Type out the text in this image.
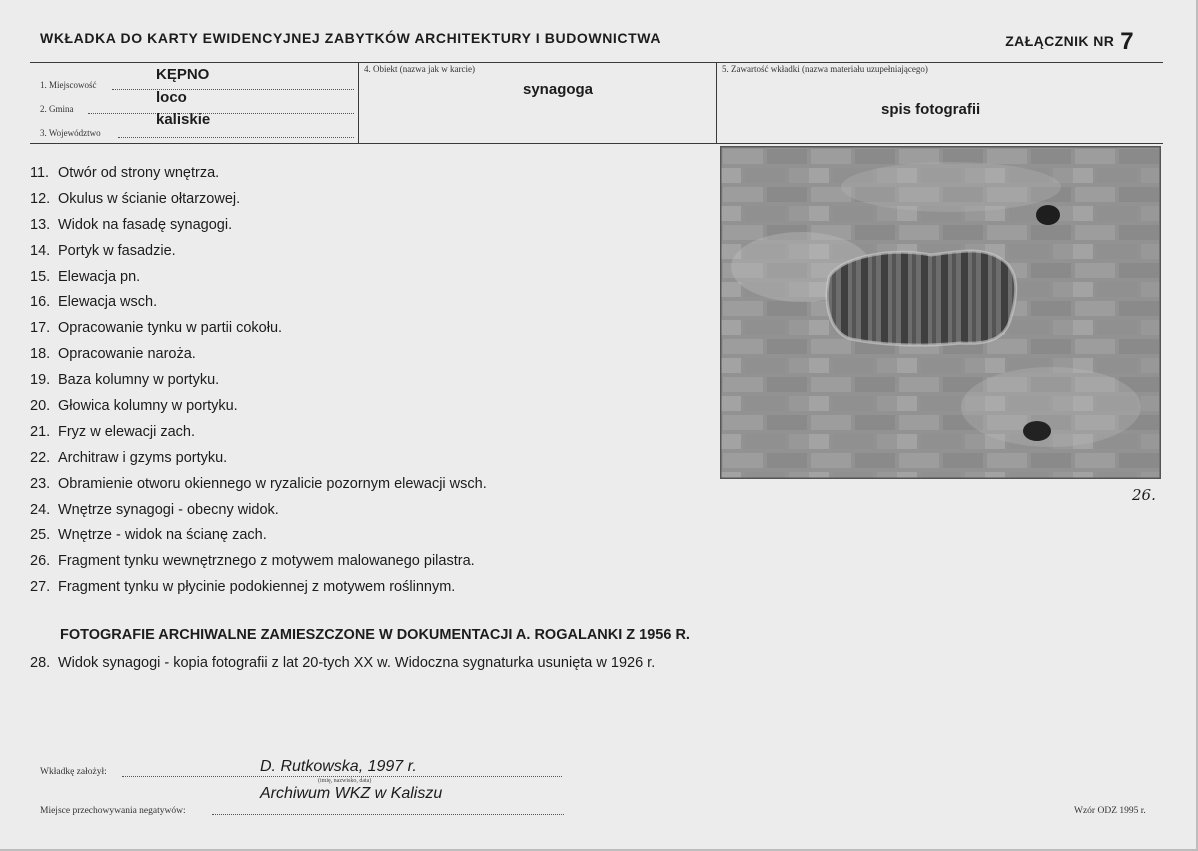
WKŁADKA DO KARTY EWIDENCYJNEJ ZABYTKÓW ARCHITEKTURY I BUDOWNICTWA	ZAŁĄCZNIK NR 7
1. Miejscowość
KĘPNO
2. Gmina
loco
3. Województwo
kaliskie
4. Obiekt (nazwa jak w karcie)
synagoga
5. Zawartość wkładki (nazwa materiału uzupełniającego)
spis fotografii
11. Otwór od strony wnętrza.
12. Okulus w ścianie ołtarzowej.
13. Widok na fasadę synagogi.
14. Portyk w fasadzie.
15. Elewacja pn.
16. Elewacja wsch.
17. Opracowanie tynku w partii cokołu.
18. Opracowanie naroża.
19. Baza kolumny w portyku.
20. Głowica kolumny w portyku.
21. Fryz w elewacji zach.
22. Architraw i gzyms portyku.
23. Obramienie otworu okiennego w ryzalicie pozornym elewacji wsch.
24. Wnętrze synagogi - obecny widok.
25. Wnętrze - widok na ścianę zach.
26. Fragment tynku wewnętrznego z motywem malowanego pilastra.
27. Fragment tynku w płycinie podokiennej z motywem roślinnym.
FOTOGRAFIE ARCHIWALNE ZAMIESZCZONE W DOKUMENTACJI A. ROGALANKI Z 1956 R.
28. Widok synagogi - kopia fotografii z lat 20-tych XX w. Widoczna sygnaturka usunięta w 1926 r.
26.
Wkładkę założył:	D. Rutkowska, 1997 r.
(imię, nazwisko, data)
Miejsce przechowywania negatywów:
Archiwum WKZ w Kaliszu
Wzór ODZ 1995 r.
